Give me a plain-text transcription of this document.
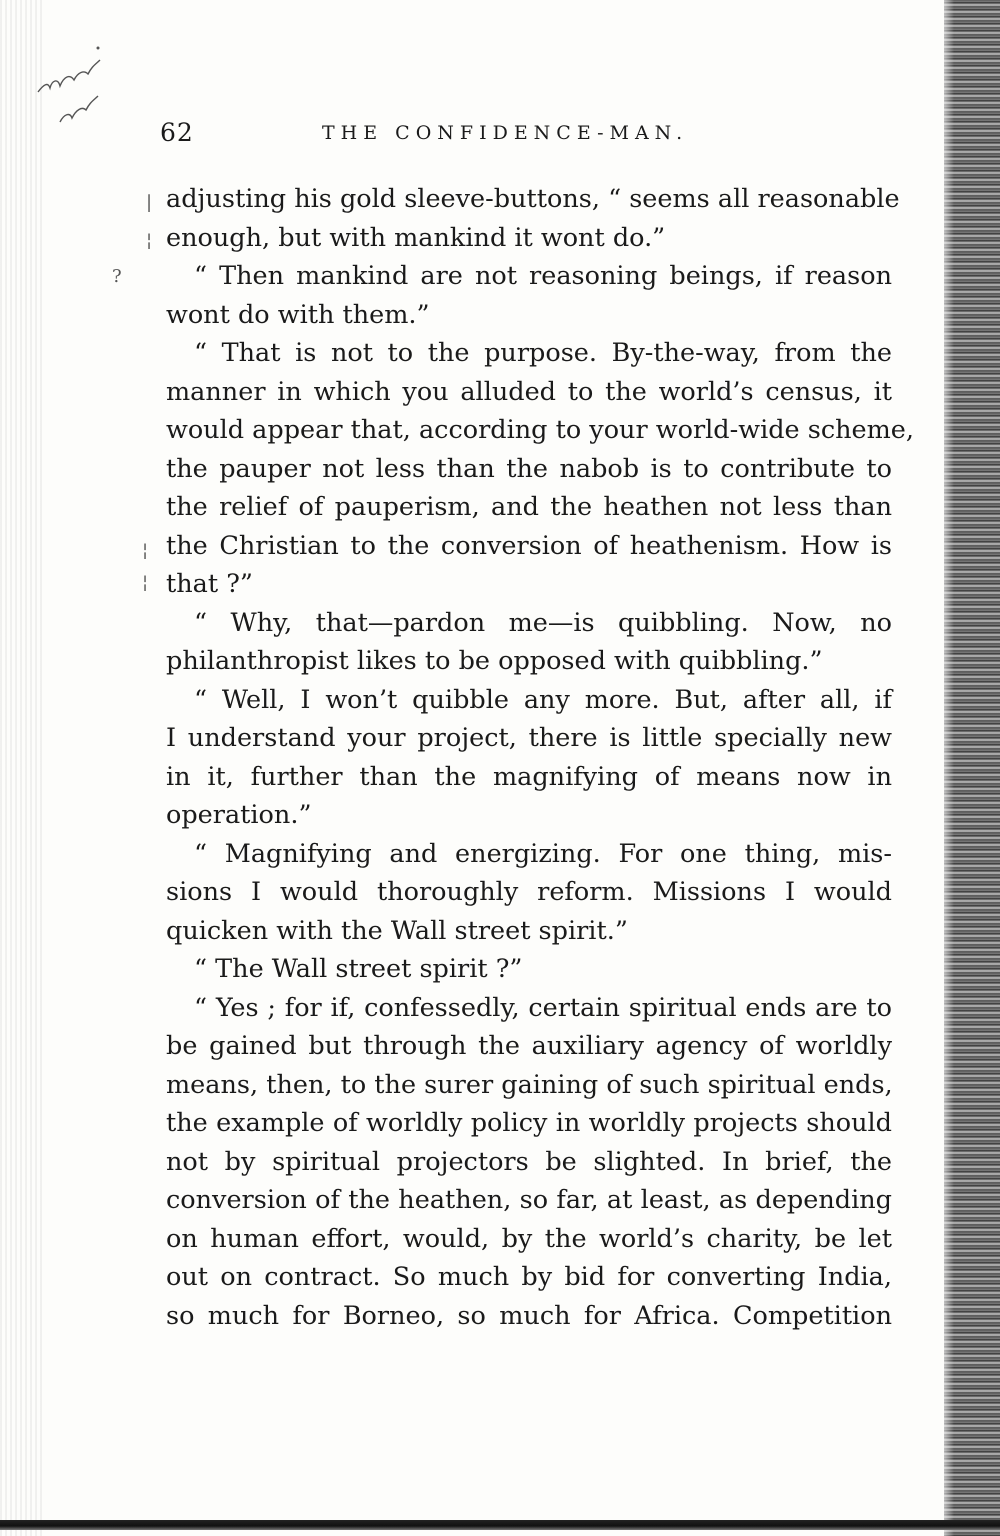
62	THE CONFIDENCE-MAN.
|
¦
?
¦
¦
adjusting his gold sleeve-buttons, “ seems all reasonable
enough, but with mankind it wont do.”
“ Then mankind are not reasoning beings, if reason
wont do with them.”
“ That is not to the purpose. By-the-way, from the
manner in which you alluded to the world’s census, it
would appear that, according to your world-wide scheme,
the pauper not less than the nabob is to contribute to
the relief of pauperism, and the heathen not less than
the Christian to the conversion of heathenism. How is
that ?”
“ Why, that—pardon me—is quibbling. Now, no
philanthropist likes to be opposed with quibbling.”
“ Well, I won’t quibble any more. But, after all, if
I understand your project, there is little specially new
in it, further than the magnifying of means now in
operation.”
“ Magnifying and energizing. For one thing, mis-
sions I would thoroughly reform. Missions I would
quicken with the Wall street spirit.”
“ The Wall street spirit ?”
“ Yes ; for if, confessedly, certain spiritual ends are to
be gained but through the auxiliary agency of worldly
means, then, to the surer gaining of such spiritual ends,
the example of worldly policy in worldly projects should
not by spiritual projectors be slighted. In brief, the
conversion of the heathen, so far, at least, as depending
on human effort, would, by the world’s charity, be let
out on contract. So much by bid for converting India,
so much for Borneo, so much for Africa. Competition
